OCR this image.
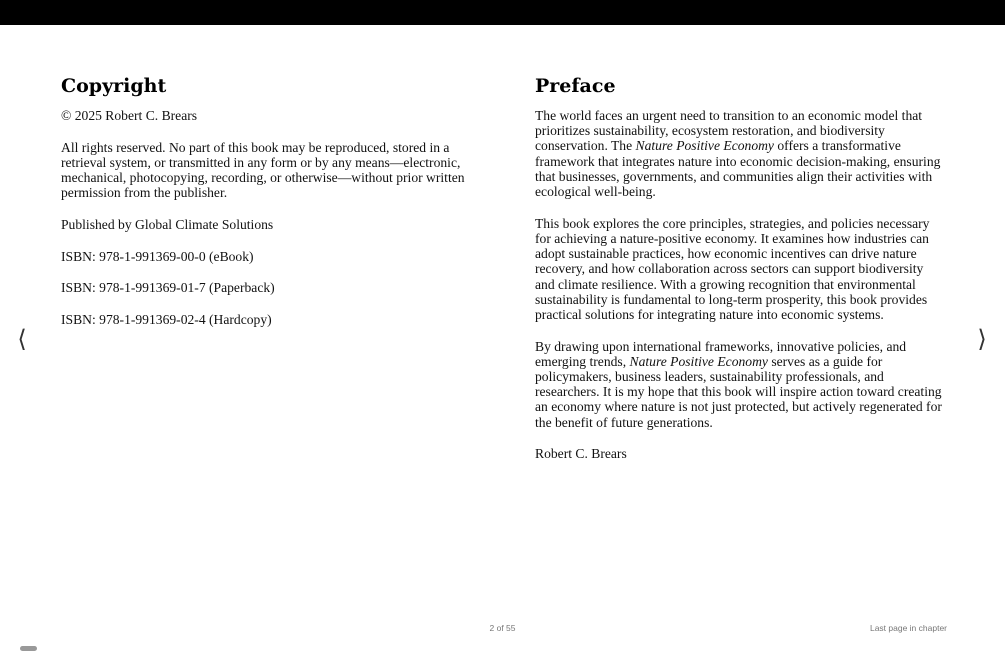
Copyright

© 2025 Robert C. Brears

All rights reserved. No part of this book may be reproduced, stored in a retrieval system, or transmitted in any form or by any means—electronic, mechanical, photocopying, recording, or otherwise—without prior written permission from the publisher.

Published by Global Climate Solutions

ISBN: 978-1-991369-00-0 (eBook)

ISBN: 978-1-991369-01-7 (Paperback)

ISBN: 978-1-991369-02-4 (Hardcopy)

Preface

The world faces an urgent need to transition to an economic model that prioritizes sustainability, ecosystem restoration, and biodiversity conservation. The Nature Positive Economy offers a transformative framework that integrates nature into economic decision-making, ensuring that businesses, governments, and communities align their activities with ecological well-being.

This book explores the core principles, strategies, and policies necessary for achieving a nature-positive economy. It examines how industries can adopt sustainable practices, how economic incentives can drive nature recovery, and how collaboration across sectors can support biodiversity and climate resilience. With a growing recognition that environmental sustainability is fundamental to long-term prosperity, this book provides practical solutions for integrating nature into economic systems.

By drawing upon international frameworks, innovative policies, and emerging trends, Nature Positive Economy serves as a guide for policymakers, business leaders, sustainability professionals, and researchers. It is my hope that this book will inspire action toward creating an economy where nature is not just protected, but actively regenerated for the benefit of future generations.

Robert C. Brears

⟨	⟩
2 of 55	Last page in chapter
